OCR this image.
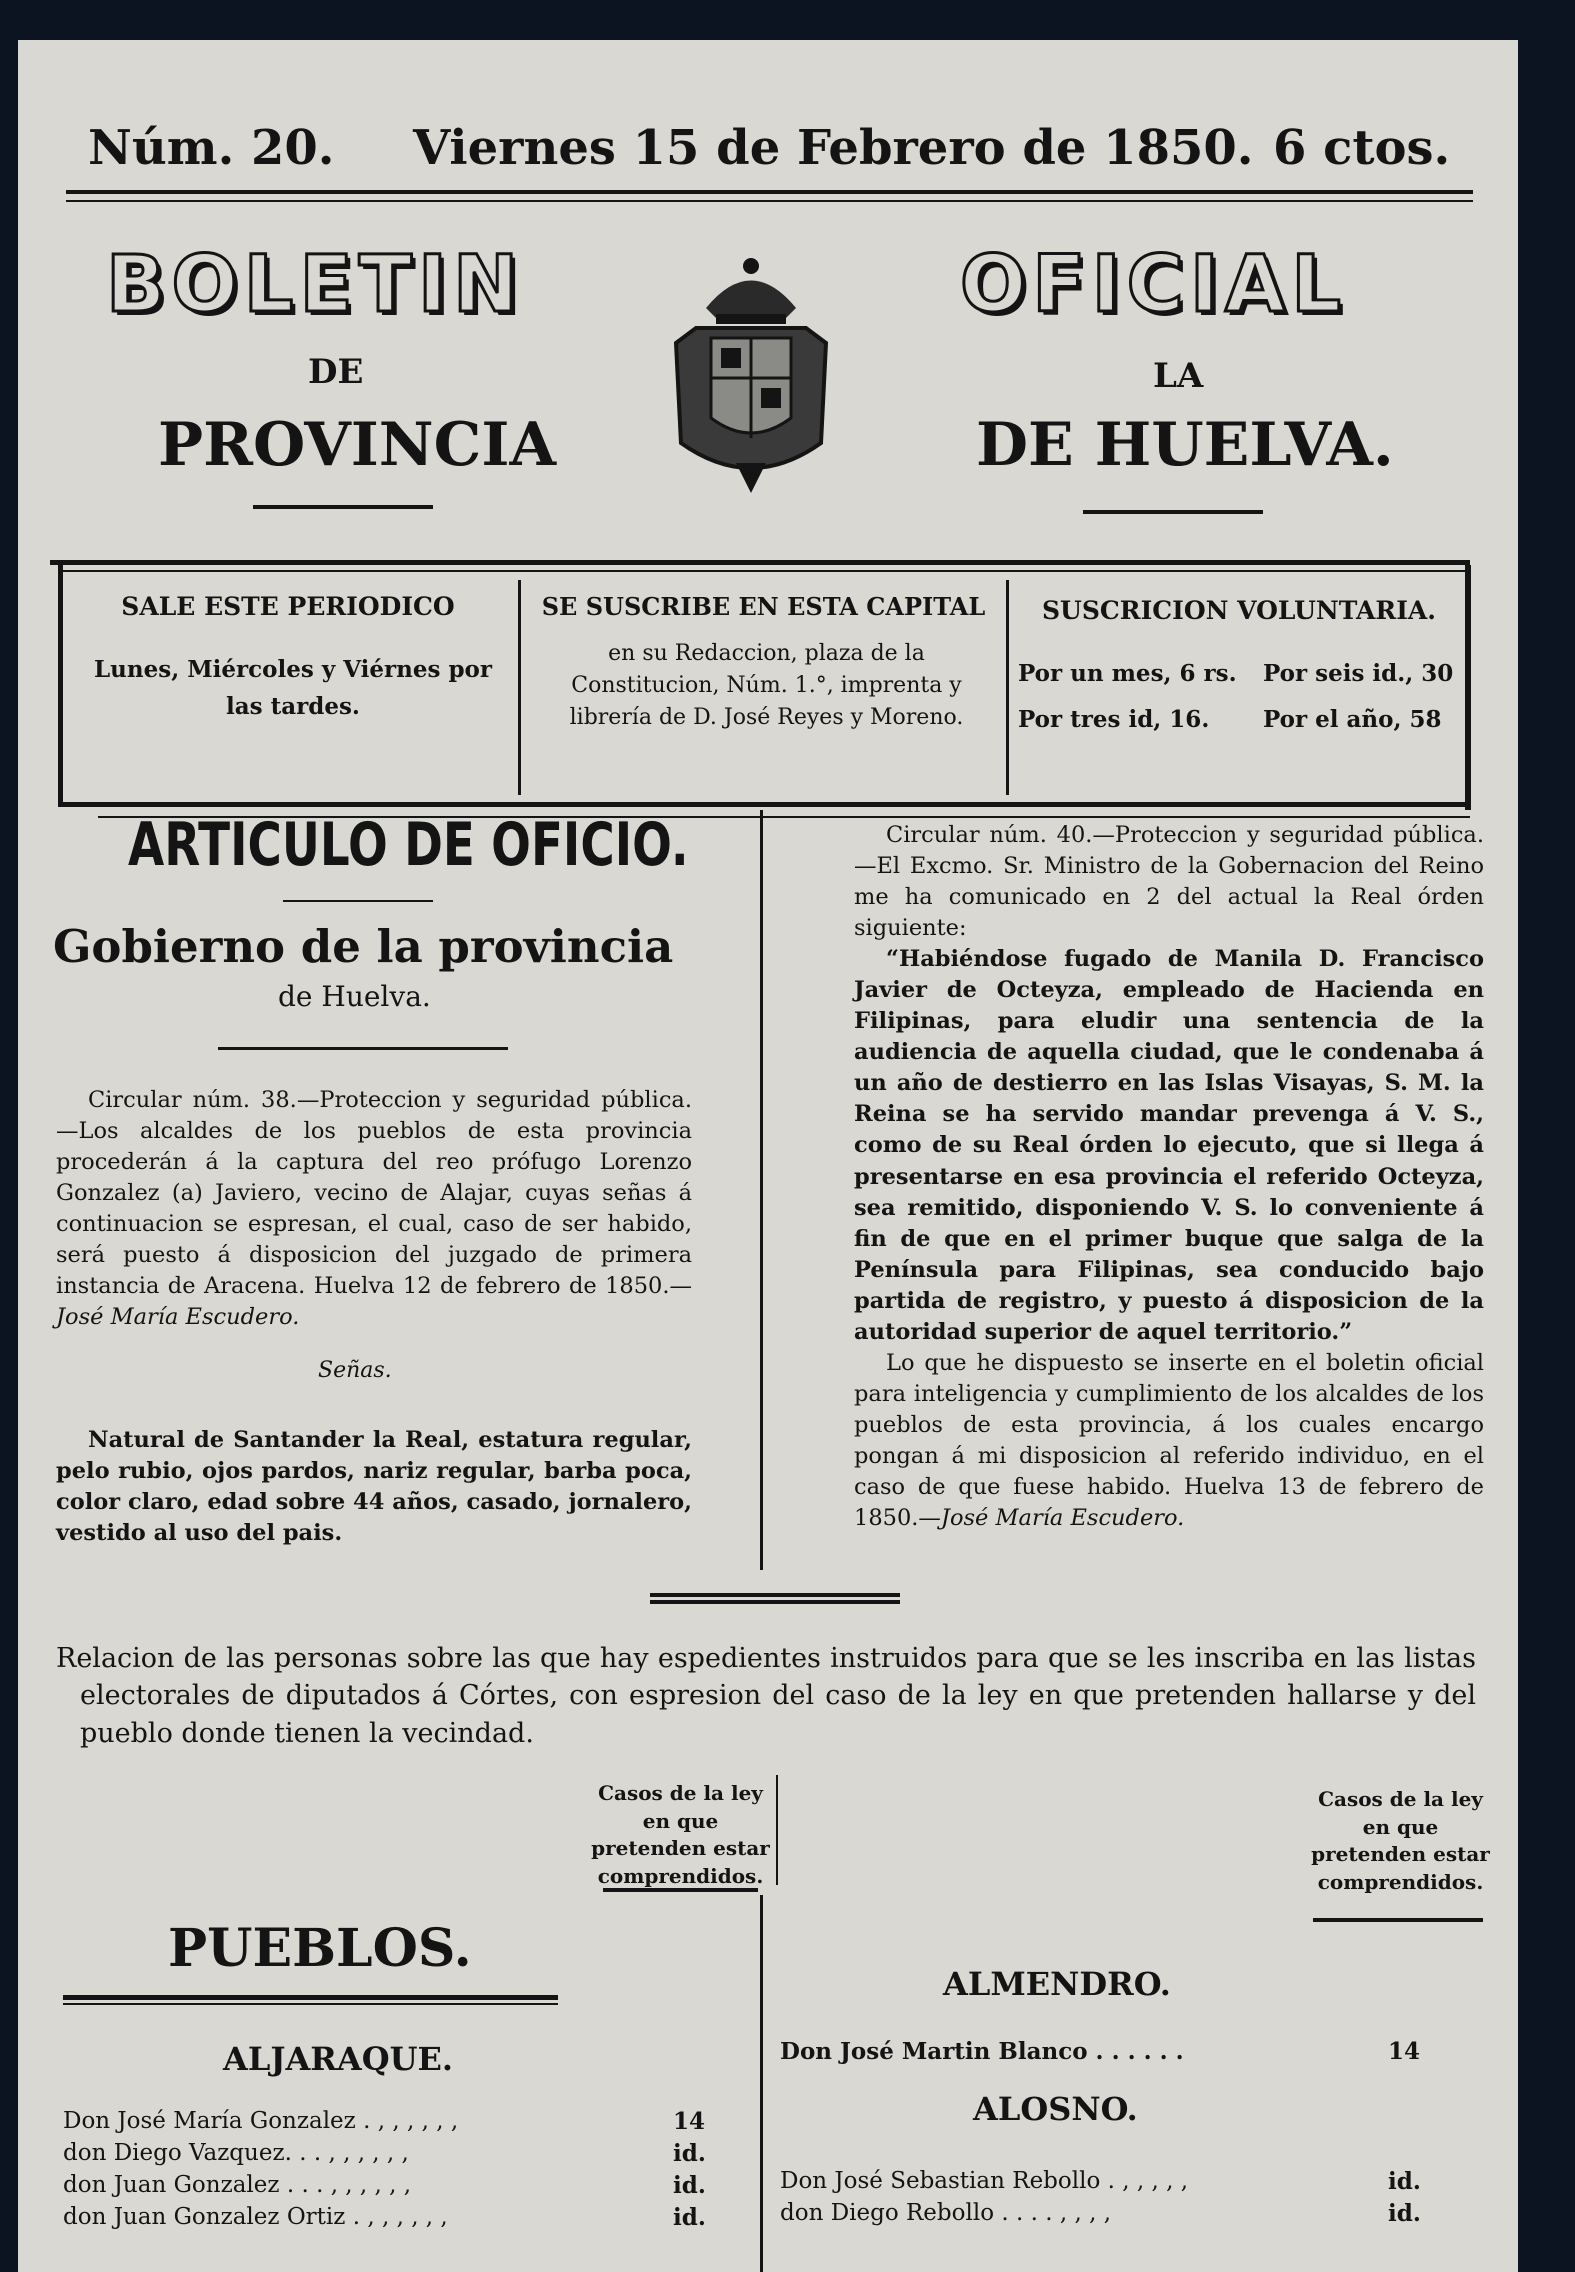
Núm. 20. Viernes 15 de Febrero de 1850. 6 ctos.
BOLETIN	OFICIAL
DE	LA
PROVINCIA	DE HUELVA.
SALE ESTE PERIODICO
Lunes, Miércoles y Viérnes por las tardes.
SE SUSCRIBE EN ESTA CAPITAL
en su Redaccion, plaza de la Constitucion, Núm. 1.°, imprenta y librería de D. José Reyes y Moreno.
SUSCRICION VOLUNTARIA.
Por un mes, 6 rs. Por seis id., 30
Por tres id, 16. Por el año, 58
ARTICULO DE OFICIO.
Gobierno de la provincia
de Huelva.

Circular núm. 38.—Proteccion y seguridad pública.—Los alcaldes de los pueblos de esta provincia procederán á la captura del reo prófugo Lorenzo Gonzalez (a) Javiero, vecino de Alajar, cuyas señas á continuacion se espresan, el cual, caso de ser habido, será puesto á disposicion del juzgado de primera instancia de Aracena. Huelva 12 de febrero de 1850.—José María Escudero.

Señas.

Natural de Santander la Real, estatura regular, pelo rubio, ojos pardos, nariz regular, barba poca, color claro, edad sobre 44 años, casado, jornalero, vestido al uso del pais.

Circular núm. 40.—Proteccion y seguridad pública.—El Excmo. Sr. Ministro de la Gobernacion del Reino me ha comunicado en 2 del actual la Real órden siguiente:

“Habiéndose fugado de Manila D. Francisco Javier de Octeyza, empleado de Hacienda en Filipinas, para eludir una sentencia de la audiencia de aquella ciudad, que le condenaba á un año de destierro en las Islas Visayas, S. M. la Reina se ha servido mandar prevenga á V. S., como de su Real órden lo ejecuto, que si llega á presentarse en esa provincia el referido Octeyza, sea remitido, disponiendo V. S. lo conveniente á fin de que en el primer buque que salga de la Península para Filipinas, sea conducido bajo partida de registro, y puesto á disposicion de la autoridad superior de aquel territorio.”

Lo que he dispuesto se inserte en el boletin oficial para inteligencia y cumplimiento de los alcaldes de los pueblos de esta provincia, á los cuales encargo pongan á mi disposicion al referido individuo, en el caso de que fuese habido. Huelva 13 de febrero de 1850.—José María Escudero.

Relacion de las personas sobre las que hay espedientes instruidos para que se les inscriba en las listas electorales de diputados á Córtes, con espresion del caso de la ley en que pretenden hallarse y del pueblo donde tienen la vecindad.
Casos de la ley en que pretenden estar comprendidos.
Casos de la ley en que pretenden estar comprendidos.
PUEBLOS.
ALJARAQUE.
Don José María Gonzalez . , , , , , ,	14
don Diego Vazquez. . . , , , , , ,	id.
don Juan Gonzalez . . . , , , , , ,	id.
don Juan Gonzalez Ortiz . , , , , , ,	id.
ALMENDRO.
Don José Martin Blanco . . . . . .	14
ALOSNO.
Don José Sebastian Rebollo . , , , , ,	id.
don Diego Rebollo . . . . , , , ,	id.
